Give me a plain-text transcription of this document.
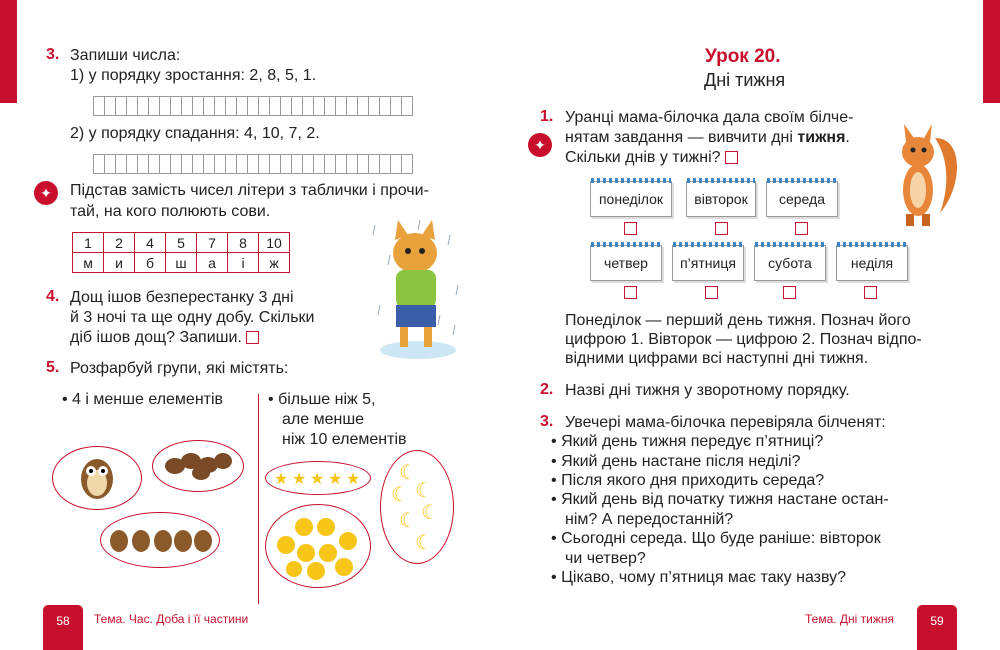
3. Запиши числа:
1) у порядку зростання: 2, 8, 5, 1.
2) у порядку спадання: 4, 10, 7, 2.
✦	Підстав замість чисел літери з таблички і прочи-
тай, на кого полюють сови.
1	2	4	5	7	8	10
м	и	б	ш	а	і	ж
4. Дощ ішов безперестанку 3 дні
й 3 ночі та ще одну добу. Скільки
діб ішов дощ? Запиши.
5. Розфарбуй групи, які містять:
• 4 і менше елементів	• більше ніж 5,
але менше
ніж 10 елементів
★ ★ ★ ★ ★ ☾
☾ ☾
☾
☾
☾
58	Тема. Час. Доба і її частини
Урок 20.
Дні тижня
1.
✦
Уранці мама-білочка дала своїм білче-
нятам завдання — вивчити дні тижня.
Скільки днів у тижні?
понеділок	вівторок	середа
четвер	п’ятниця	субота	неділя
Понеділок — перший день тижня. Познач його
цифрою 1. Вівторок — цифрою 2. Познач відпо-
відними цифрами всі наступні дні тижня.
2. Назві дні тижня у зворотному порядку.
3. Увечері мама-білочка перевіряла білченят:
• Який день тижня передує п’ятниці?
• Який день настане після неділі?
• Після якого дня приходить середа?
• Який день від початку тижня настане остан-
нім? А передостанній?
• Сьогодні середа. Що буде раніше: вівторок
чи четвер?
• Цікаво, чому п’ятниця має таку назву?
Тема. Дні тижня	59
